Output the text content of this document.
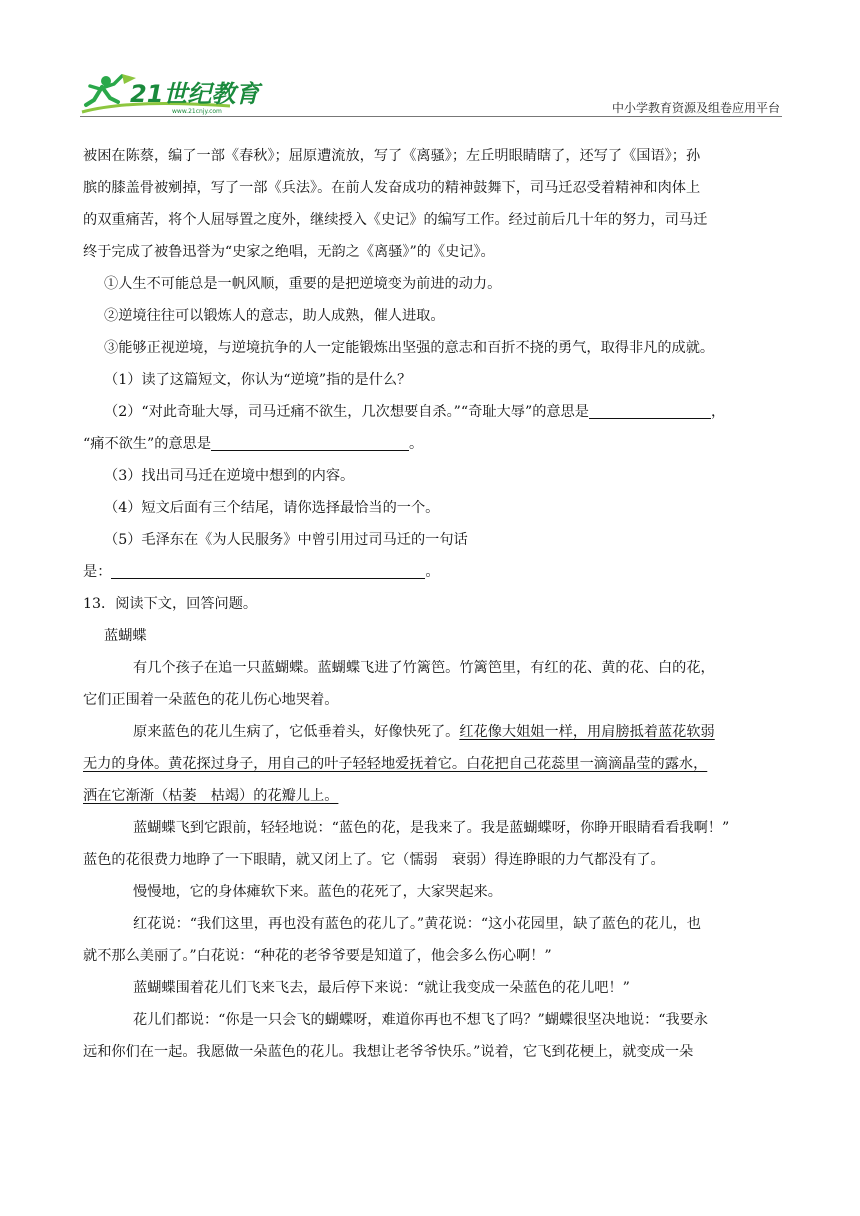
21世纪教育
www.21cnjy.com	中小学教育资源及组卷应用平台
被困在陈蔡，编了一部《春秋》；屈原遭流放，写了《离骚》；左丘明眼睛瞎了，还写了《国语》；孙
膑的膝盖骨被剜掉，写了一部《兵法》。在前人发奋成功的精神鼓舞下，司马迁忍受着精神和肉体上
的双重痛苦，将个人屈辱置之度外，继续授入《史记》的编写工作。经过前后几十年的努力，司马迁
终于完成了被鲁迅誉为“史家之绝唱，无韵之《离骚》”的《史记》。
①人生不可能总是一帆风顺，重要的是把逆境变为前进的动力。
②逆境往往可以锻炼人的意志，助人成熟，催人进取。
③能够正视逆境，与逆境抗争的人一定能锻炼出坚强的意志和百折不挠的勇气，取得非凡的成就。
（1）读了这篇短文，你认为“逆境”指的是什么？
（2）“对此奇耻大辱，司马迁痛不欲生，几次想要自杀。”“奇耻大辱”的意思是	，
“痛不欲生”的意思是	。
（3）找出司马迁在逆境中想到的内容。
（4）短文后面有三个结尾，请你选择最恰当的一个。
（5）毛泽东在《为人民服务》中曾引用过司马迁的一句话
是：	。
13．阅读下文，回答问题。
蓝蝴蝶
有几个孩子在追一只蓝蝴蝶。蓝蝴蝶飞进了竹篱笆。竹篱笆里，有红的花、黄的花、白的花，
它们正围着一朵蓝色的花儿伤心地哭着。
原来蓝色的花儿生病了，它低垂着头，好像快死了。红花像大姐姐一样，用肩膀抵着蓝花软弱
无力的身体。黄花探过身子，用自己的叶子轻轻地爱抚着它。白花把自己花蕊里一滴滴晶莹的露水，
洒在它渐渐（枯萎　枯竭）的花瓣儿上。
蓝蝴蝶飞到它跟前，轻轻地说：“蓝色的花，是我来了。我是蓝蝴蝶呀，你睁开眼睛看看我啊！”
蓝色的花很费力地睁了一下眼睛，就又闭上了。它（懦弱　衰弱）得连睁眼的力气都没有了。
慢慢地，它的身体瘫软下来。蓝色的花死了，大家哭起来。
红花说：“我们这里，再也没有蓝色的花儿了。”黄花说：“这小花园里，缺了蓝色的花儿，也
就不那么美丽了。”白花说：“种花的老爷爷要是知道了，他会多么伤心啊！”
蓝蝴蝶围着花儿们飞来飞去，最后停下来说：“就让我变成一朵蓝色的花儿吧！”
花儿们都说：“你是一只会飞的蝴蝶呀，难道你再也不想飞了吗？”蝴蝶很坚决地说：“我要永
远和你们在一起。我愿做一朵蓝色的花儿。我想让老爷爷快乐。”说着，它飞到花梗上，就变成一朵
